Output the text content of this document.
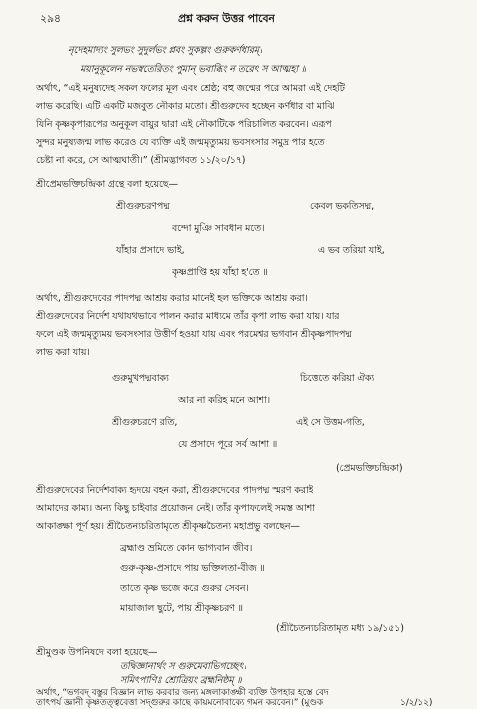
২৯৪	প্রশ্ন করুন উত্তর পাবেন
নৃদেহমাদ্যং সুলভং সুদুর্লভং প্লবং সুকল্পং গুরুকর্ণধারম্।
ময়ানুকূলেন নভস্বতেরিতং পুমান্ ভবাব্ধিং ন তরেৎ স আত্মহা ॥
অর্থাৎ, “এই মনুষ্যদেহ সকল ফলের মূল এবং শ্রেষ্ঠ; বহু জন্মের পরে আমরা এই দেহটি
লাভ করেছি। এটি একটি মজবুত নৌকার মতো। শ্রীগুরুদেব হচ্ছেন কর্ণধার বা মাঝি
যিনি কৃষ্ণকৃপারূপের অনুকূল বায়ুর দ্বারা এই নৌকাটিকে পরিচালিত করবেন। এরূপ
সুন্দর মনুষ্যজন্ম লাভ করেও যে ব্যক্তি এই জন্মমৃত্যুময় ভবসংসার সমুদ্র পার হতে
চেষ্টা না করে, সে আত্মঘাতী।” (শ্রীমদ্ভাগবত ১১/২০/১৭)
শ্রীপ্রেমভক্তিচন্দ্রিকা গ্রন্থে বলা হয়েছে—
শ্রীগুরুচরণপদ্ম	কেবল ভকতিসদ্ম,
বন্দো মুঞি সাবধান মতে।
যাঁহার প্রসাদে ভাই,	এ ভব তরিয়া যাই,
কৃষ্ণপ্রাপ্তি হয় যাঁহা হ'তে ॥
অর্থাৎ, শ্রীগুরুদেবের পাদপদ্ম আশ্রয় করার মানেই হল ভক্তিকে আশ্রয় করা।
শ্রীগুরুদেবের নির্দেশ যথাযথভাবে পালন করার মাধ্যমে তাঁর কৃপা লাভ করা যায়। যার
ফলে এই জন্মমৃত্যুময় ভবসংসার উত্তীর্ণ হওয়া যায় এবং পরমেশ্বর ভগবান শ্রীকৃষ্ণপাদপদ্ম
লাভ করা যায়।
গুরুমুখপদ্মবাক্য	চিত্তেতে করিয়া ঐক্য
আর না করিহ মনে আশা।
শ্রীগুরুচরণে রতি,	এই সে উত্তম-গতি,
যে প্রসাদে পূরে সর্ব আশা ॥
(প্রেমভক্তিচন্দ্রিকা)
শ্রীগুরুদেবের নির্দেশবাক্য হৃদয়ে বহন করা, শ্রীগুরুদেবের পাদপদ্ম স্মরণ করাই
আমাদের কাম্য। অন্য কিছু চাইবার প্রয়োজন নেই। তাঁর কৃপাফলেই সমস্ত আশা
আকাঙ্ক্ষা পূর্ণ হয়। শ্রীচৈতন্যচরিতামৃতে শ্রীকৃষ্ণচৈতন্য মহাপ্রভু বলছেন—
ব্রহ্মাণ্ড ভ্রমিতে কোন ভাগ্যবান জীব।
গুরু-কৃষ্ণ-প্রসাদে পায় ভক্তিলতা-বীজ ॥
তাতে কৃষ্ণ ভজে করে গুরুর সেবন।
মায়াজাল ছুটে, পায় শ্রীকৃষ্ণচরণ ॥
(শ্রীচৈতন্যচরিতামৃত মধ্য ১৯/১৫১)
শ্রীমুণ্ডক উপনিষদে বলা হয়েছে—
তদ্বিজ্ঞানার্থং স গুরুমেবাভিগচ্ছেৎ।
সমিৎপাণিঃ শ্রোত্রিয়ং ব্রহ্মনিষ্ঠম্ ॥
অর্থাৎ, “ভগবদ্ বস্তুর বিজ্ঞান লাভ করবার জন্য মঙ্গলাকাঙ্ক্ষী ব্যক্তি উপহার হস্তে বেদ
তাৎপর্য জ্ঞানী কৃষ্ণতত্ত্ববেত্তা সদ্গুরুর কাছে কায়মনোবাক্যে গমন করবেন।” (মুণ্ডক	১/২/১২)
